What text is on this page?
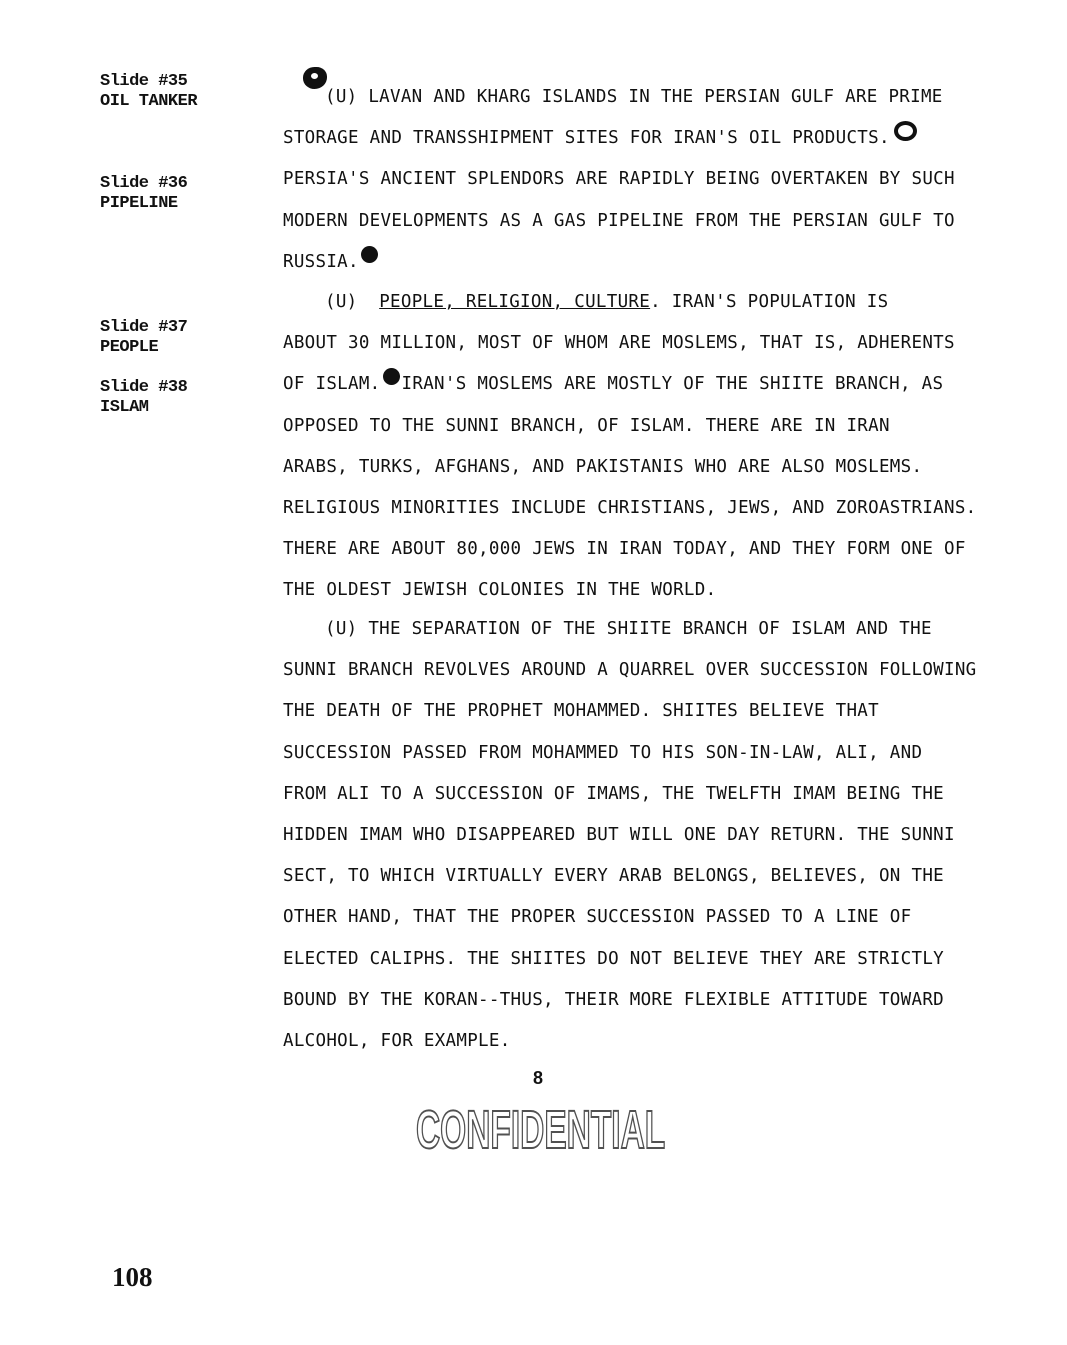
Slide #35
OIL TANKER
Slide #36
PIPELINE
Slide #37
PEOPLE
Slide #38
ISLAM
(U) LAVAN AND KHARG ISLANDS IN THE PERSIAN GULF ARE PRIME
STORAGE AND TRANSSHIPMENT SITES FOR IRAN'S OIL PRODUCTS.
PERSIA'S ANCIENT SPLENDORS ARE RAPIDLY BEING OVERTAKEN BY SUCH
MODERN DEVELOPMENTS AS A GAS PIPELINE FROM THE PERSIAN GULF TO
RUSSIA.
(U) PEOPLE, RELIGION, CULTURE. IRAN'S POPULATION IS
ABOUT 30 MILLION, MOST OF WHOM ARE MOSLEMS, THAT IS, ADHERENTS
OF ISLAM. IRAN'S MOSLEMS ARE MOSTLY OF THE SHIITE BRANCH, AS
OPPOSED TO THE SUNNI BRANCH, OF ISLAM. THERE ARE IN IRAN
ARABS, TURKS, AFGHANS, AND PAKISTANIS WHO ARE ALSO MOSLEMS.
RELIGIOUS MINORITIES INCLUDE CHRISTIANS, JEWS, AND ZOROASTRIANS.
THERE ARE ABOUT 80,000 JEWS IN IRAN TODAY, AND THEY FORM ONE OF
THE OLDEST JEWISH COLONIES IN THE WORLD.
(U) THE SEPARATION OF THE SHIITE BRANCH OF ISLAM AND THE
SUNNI BRANCH REVOLVES AROUND A QUARREL OVER SUCCESSION FOLLOWING
THE DEATH OF THE PROPHET MOHAMMED. SHIITES BELIEVE THAT
SUCCESSION PASSED FROM MOHAMMED TO HIS SON-IN-LAW, ALI, AND
FROM ALI TO A SUCCESSION OF IMAMS, THE TWELFTH IMAM BEING THE
HIDDEN IMAM WHO DISAPPEARED BUT WILL ONE DAY RETURN. THE SUNNI
SECT, TO WHICH VIRTUALLY EVERY ARAB BELONGS, BELIEVES, ON THE
OTHER HAND, THAT THE PROPER SUCCESSION PASSED TO A LINE OF
ELECTED CALIPHS. THE SHIITES DO NOT BELIEVE THEY ARE STRICTLY
BOUND BY THE KORAN--THUS, THEIR MORE FLEXIBLE ATTITUDE TOWARD
ALCOHOL, FOR EXAMPLE.
8
CONFIDENTIAL
108
